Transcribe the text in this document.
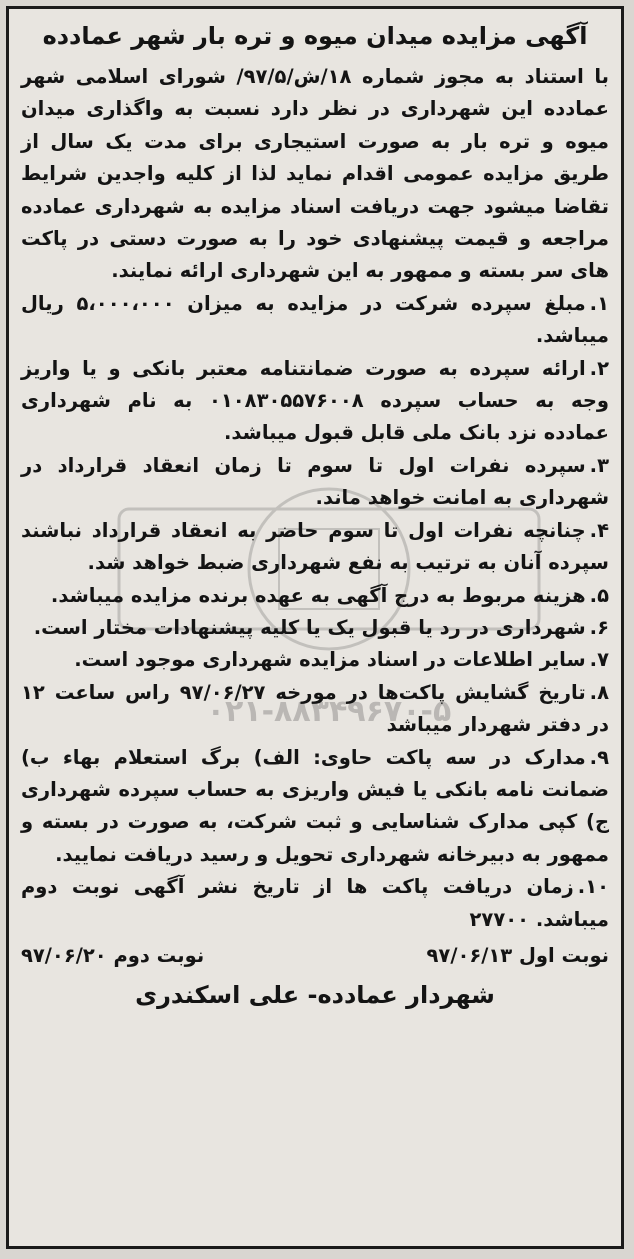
۰۲۱-۸۸۳۴۹۶۷۰-۵
آگهی مزایده میدان میوه و تره بار شهر عمادده

با استناد به مجوز شماره ۱۸/ش/۹۷/۵/ شورای اسلامی شهر عمادده این شهرداری در نظر دارد نسبت به واگذاری میدان میوه و تره بار به صورت استیجاری برای مدت یک سال از طریق مزایده عمومی اقدام نماید لذا از کلیه واجدین شرایط تقاضا میشود جهت دریافت اسناد مزایده به شهرداری عمادده مراجعه و قیمت پیشنهادی خود را به صورت دستی در پاکت های سر بسته و ممهور به این شهرداری ارائه نمایند.

۱.مبلغ سپرده شرکت در مزایده به میزان ۵،۰۰۰،۰۰۰ ریال میباشد.

۲.ارائه سپرده به صورت ضمانتنامه معتبر بانکی و یا واریز وجه به حساب سپرده ۰۱۰۸۳۰۵۵۷۶۰۰۸ به نام شهرداری عمادده نزد بانک ملی قابل قبول میباشد.

۳.سپرده نفرات اول تا سوم تا زمان انعقاد قرارداد در شهرداری به امانت خواهد ماند.

۴.چنانچه نفرات اول تا سوم حاضر به انعقاد قرارداد نباشند سپرده آنان به ترتیب به نفع شهرداری ضبط خواهد شد.

۵.هزینه مربوط به درج آگهی به عهده برنده مزایده میباشد.

۶.شهرداری در رد یا قبول یک یا کلیه پیشنهادات مختار است.

۷.سایر اطلاعات در اسناد مزایده شهرداری موجود است.

۸.تاریخ گشایش پاکت‌ها در مورخه ۹۷/۰۶/۲۷ راس ساعت ۱۲ در دفتر شهردار میباشد

۹.مدارک در سه پاکت حاوی: الف) برگ استعلام بهاء ب) ضمانت نامه بانکی یا فیش واریزی به حساب سپرده شهرداری ج) کپی مدارک شناسایی و ثبت شرکت، به صورت در بسته و ممهور به دبیرخانه شهرداری تحویل و رسید دریافت نمایید.

۱۰.زمان دریافت پاکت ها از تاریخ نشر آگهی نوبت دوم میباشد. ۲۷۷۰۰

نوبت اول ۹۷/۰۶/۱۳
نوبت دوم ۹۷/۰۶/۲۰
شهردار عمادده- علی اسکندری
